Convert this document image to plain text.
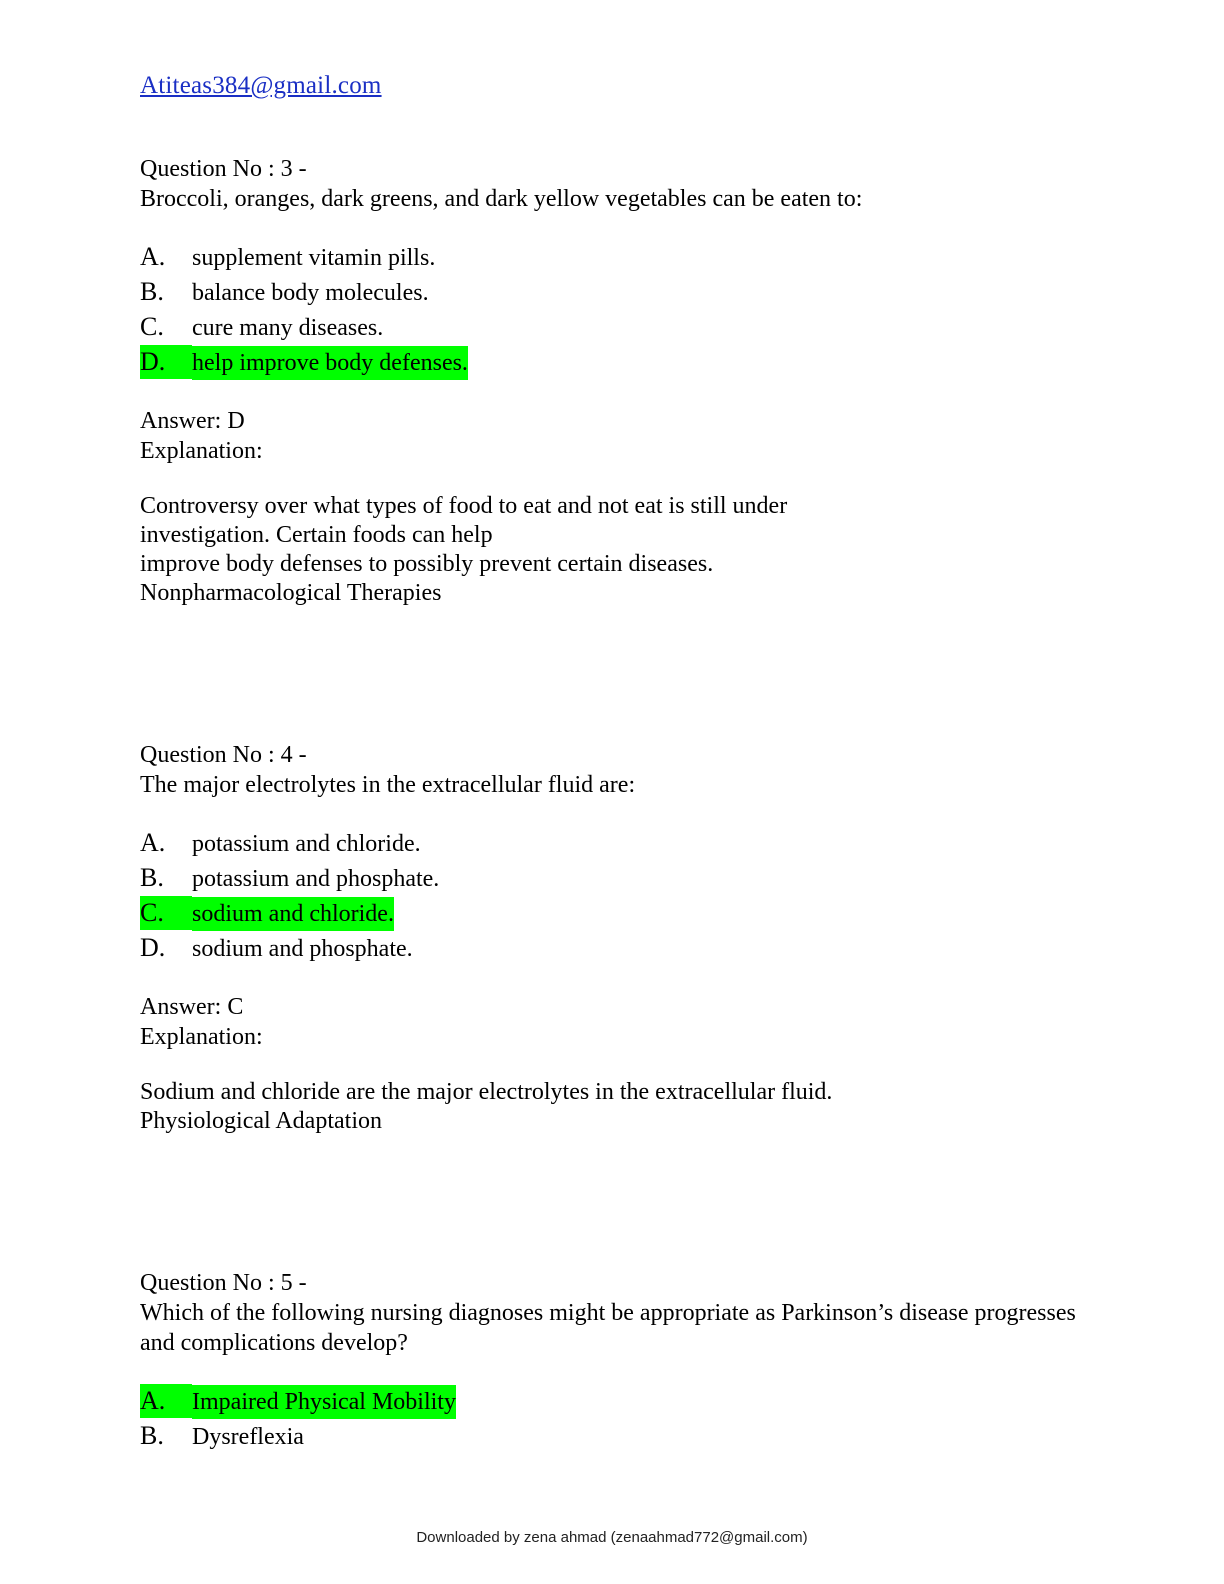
Atiteas384@gmail.com
Question No : 3 -
Broccoli, oranges, dark greens, and dark yellow vegetables can be eaten to:
A.	supplement vitamin pills.
B.	balance body molecules.
C.	cure many diseases.
D.	help improve body defenses.
Answer: D
Explanation:
Controversy over what types of food to eat and not eat is still under
investigation. Certain foods can help
improve body defenses to possibly prevent certain diseases.
Nonpharmacological Therapies
Question No : 4 -
The major electrolytes in the extracellular fluid are:
A.	potassium and chloride.
B.	potassium and phosphate.
C.	sodium and chloride.
D.	sodium and phosphate.
Answer: C
Explanation:
Sodium and chloride are the major electrolytes in the extracellular fluid.
Physiological Adaptation
Question No : 5 -
Which of the following nursing diagnoses might be appropriate as Parkinson’s disease progresses and complications develop?
A.	Impaired Physical Mobility
B.	Dysreflexia
Downloaded by zena ahmad (zenaahmad772@gmail.com)
